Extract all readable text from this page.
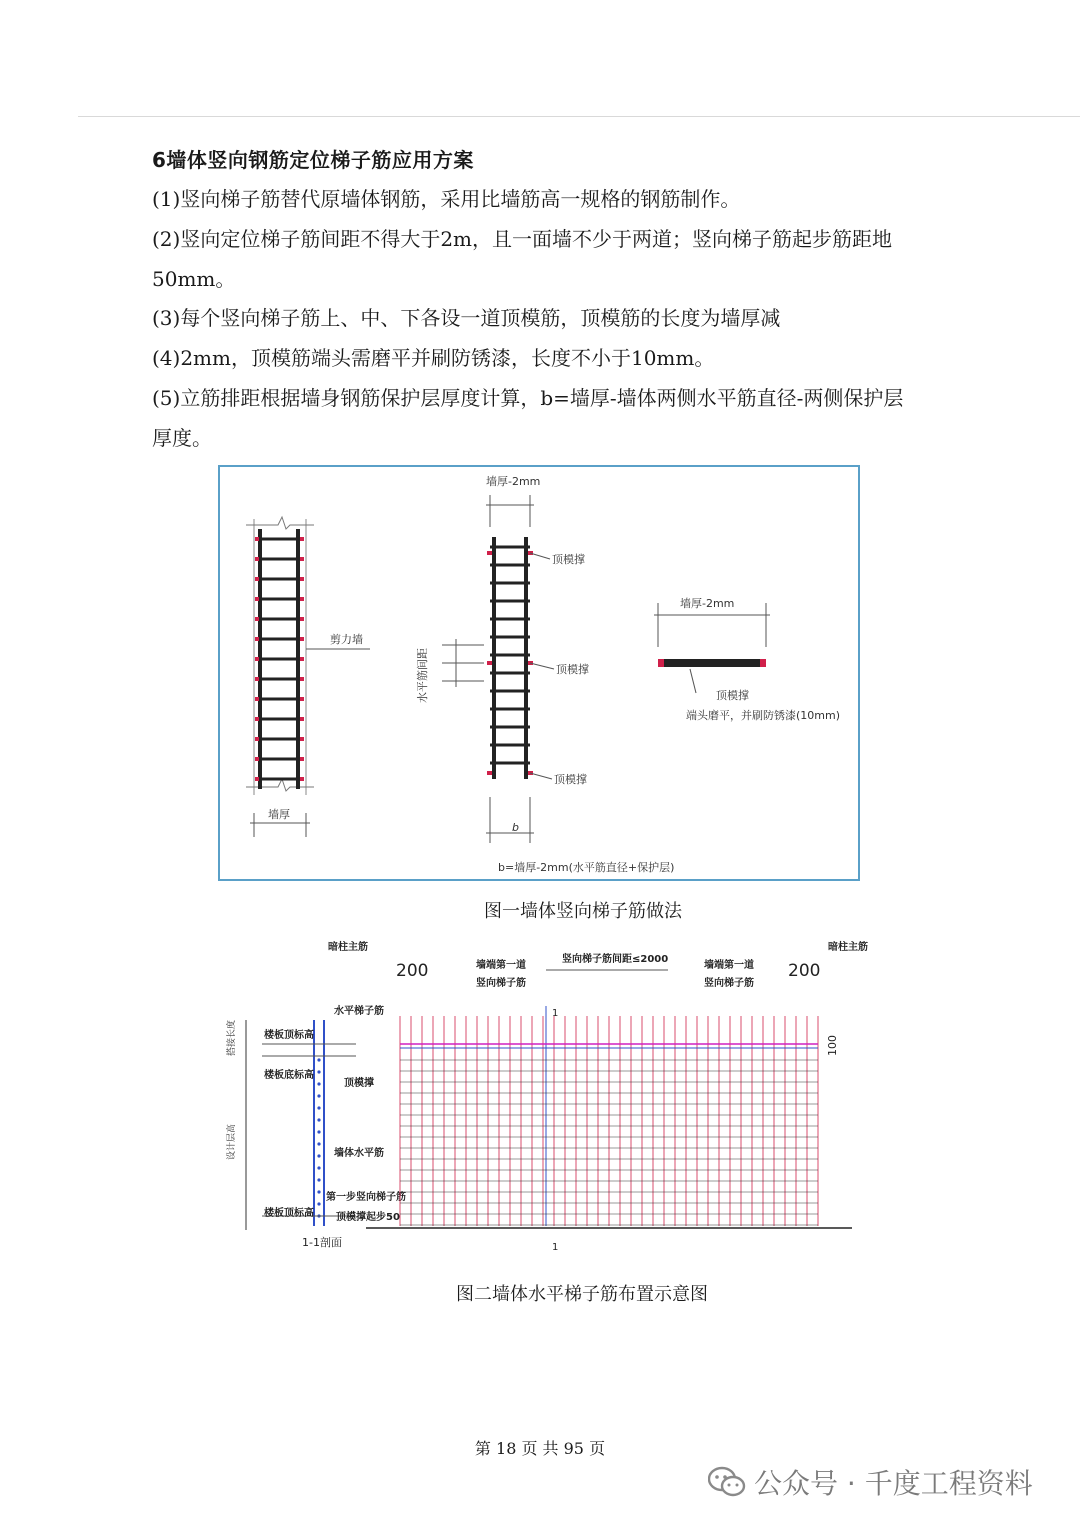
6墙体竖向钢筋定位梯子筋应用方案
(1)竖向梯子筋替代原墙体钢筋，采用比墙筋高一规格的钢筋制作。
(2)竖向定位梯子筋间距不得大于2m，且一面墙不少于两道；竖向梯子筋起步筋距地
50mm。
(3)每个竖向梯子筋上、中、下各设一道顶模筋，顶模筋的长度为墙厚减
(4)2mm，顶模筋端头需磨平并刷防锈漆，长度不小于10mm。
(5)立筋排距根据墙身钢筋保护层厚度计算，b=墙厚-墙体两侧水平筋直径-两侧保护层
厚度。
剪力墙
墙厚
墙厚-2mm
水平筋间距
顶模撑
顶模撑
顶模撑
b
b=墙厚-2mm(水平筋直径+保护层)
墙厚-2mm
顶模撑
端头磨平，并刷防锈漆(10mm)
图一墙体竖向梯子筋做法
搭接长度
设计层高
楼板顶标高
楼板底标高
楼板顶标高
水平梯子筋
顶模撑
墙体水平筋
第一步竖向梯子筋
顶模撑起步50
1-1剖面
暗柱主筋	暗柱主筋
200	200
墙端第一道
竖向梯子筋
竖向梯子筋间距≤2000
墙端第一道
竖向梯子筋
1
1
100
图二墙体水平梯子筋布置示意图
第 18 页 共 95 页
公众号 · 千度工程资料
